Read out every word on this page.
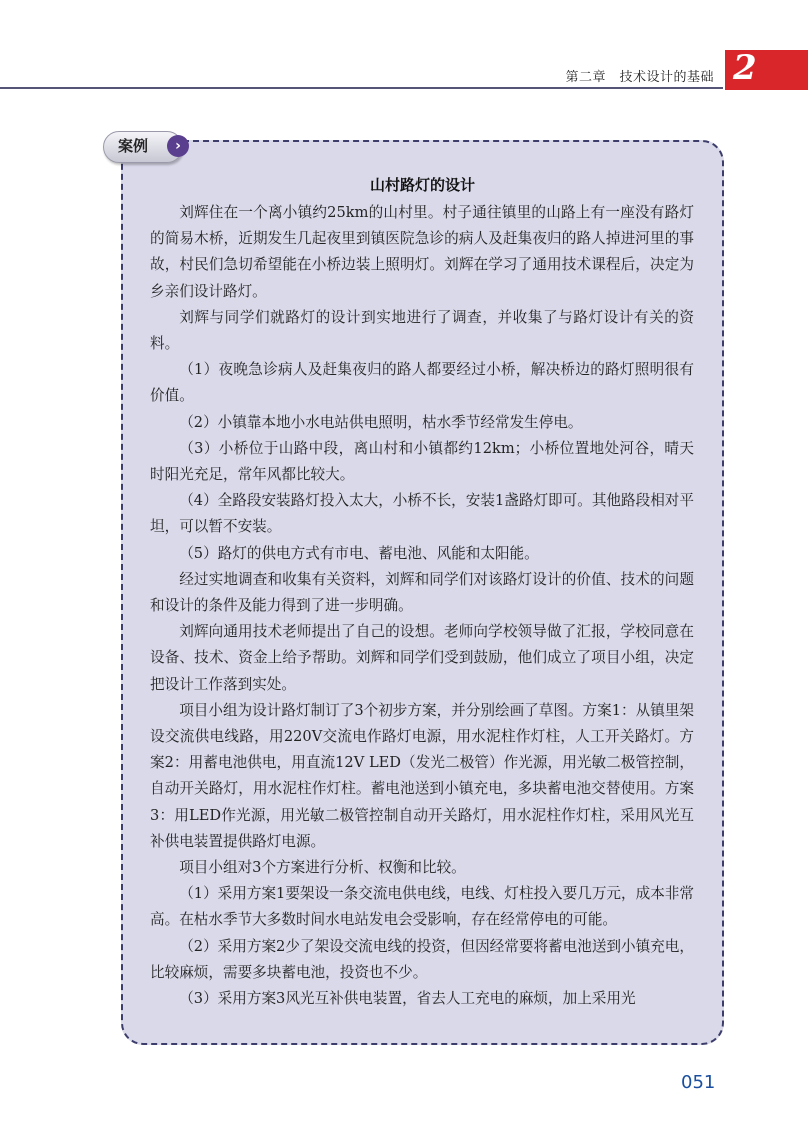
第二章　技术设计的基础 2
案例	›
山村路灯的设计

刘辉住在一个离小镇约25km的山村里。村子通往镇里的山路上有一座没有路灯的简易木桥，近期发生几起夜里到镇医院急诊的病人及赶集夜归的路人掉进河里的事故，村民们急切希望能在小桥边装上照明灯。刘辉在学习了通用技术课程后，决定为乡亲们设计路灯。

刘辉与同学们就路灯的设计到实地进行了调查，并收集了与路灯设计有关的资料。

（1）夜晚急诊病人及赶集夜归的路人都要经过小桥，解决桥边的路灯照明很有价值。

（2）小镇靠本地小水电站供电照明，枯水季节经常发生停电。

（3）小桥位于山路中段，离山村和小镇都约12km；小桥位置地处河谷，晴天时阳光充足，常年风都比较大。

（4）全路段安装路灯投入太大，小桥不长，安装1盏路灯即可。其他路段相对平坦，可以暂不安装。

（5）路灯的供电方式有市电、蓄电池、风能和太阳能。

经过实地调查和收集有关资料，刘辉和同学们对该路灯设计的价值、技术的问题和设计的条件及能力得到了进一步明确。

刘辉向通用技术老师提出了自己的设想。老师向学校领导做了汇报，学校同意在设备、技术、资金上给予帮助。刘辉和同学们受到鼓励，他们成立了项目小组，决定把设计工作落到实处。

项目小组为设计路灯制订了3个初步方案，并分别绘画了草图。方案1：从镇里架设交流供电线路，用220V交流电作路灯电源，用水泥柱作灯柱，人工开关路灯。方案2：用蓄电池供电，用直流12V LED（发光二极管）作光源，用光敏二极管控制，自动开关路灯，用水泥柱作灯柱。蓄电池送到小镇充电，多块蓄电池交替使用。方案3：用LED作光源，用光敏二极管控制自动开关路灯，用水泥柱作灯柱，采用风光互补供电装置提供路灯电源。

项目小组对3个方案进行分析、权衡和比较。

（1）采用方案1要架设一条交流电供电线，电线、灯柱投入要几万元，成本非常高。在枯水季节大多数时间水电站发电会受影响，存在经常停电的可能。

（2）采用方案2少了架设交流电线的投资，但因经常要将蓄电池送到小镇充电，比较麻烦，需要多块蓄电池，投资也不少。

（3）采用方案3风光互补供电装置，省去人工充电的麻烦，加上采用光

051
